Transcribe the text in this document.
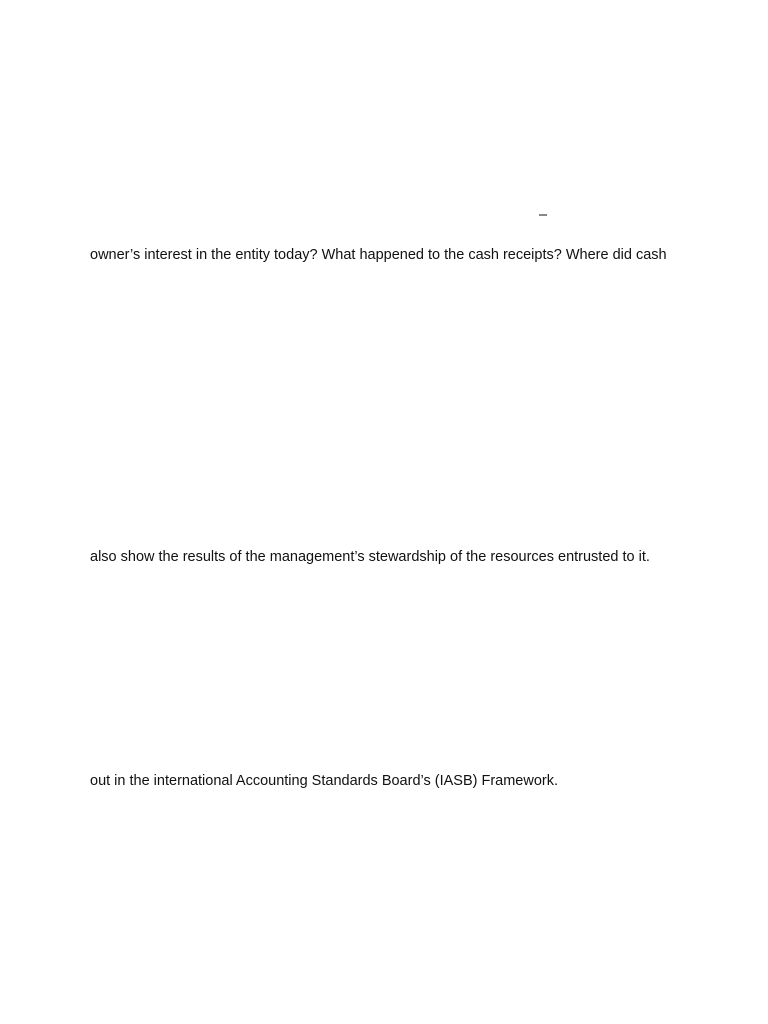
–
owner’s interest in the entity today? What happened to the cash receipts? Where did cash
also show the results of the management’s stewardship of the resources entrusted to it.
out in the international Accounting Standards Board’s (IASB) Framework.
